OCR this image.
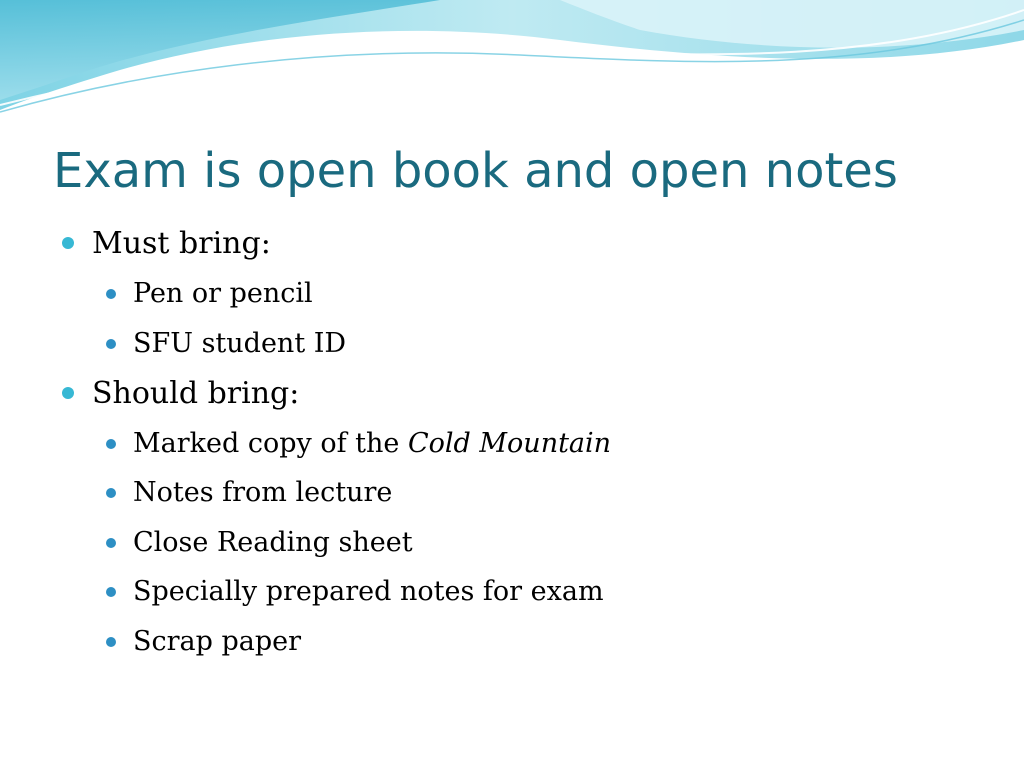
Exam is open book and open notes
Must bring:
Pen or pencil
SFU student ID
Should bring:
Marked copy of the Cold Mountain
Notes from lecture
Close Reading sheet
Specially prepared notes for exam
Scrap paper
